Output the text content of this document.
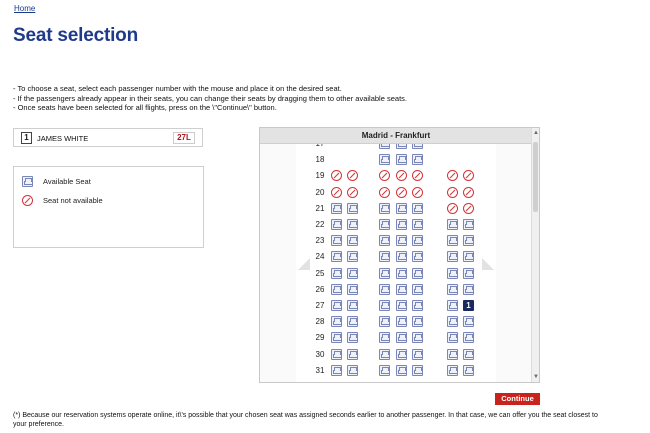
Home
Seat selection
- To choose a seat, select each passenger number with the mouse and place it on the desired seat.
- If the passengers already appear in their seats, you can change their seats by dragging them to other available seats.
- Once seats have been selected for all flights, press on the \"Continue\" button.
1	JAMES WHITE	27L
Available Seat
Seat not available
18
19
20
21
22
23
24
25
26
27	1
28
29
30
31
Madrid - Frankfurt	▲
▼
Continue
(*) Because our reservation systems operate online, it\'s possible that your chosen seat was assigned seconds earlier to another passenger. In that case, we can offer you the seat closest to your preference.
